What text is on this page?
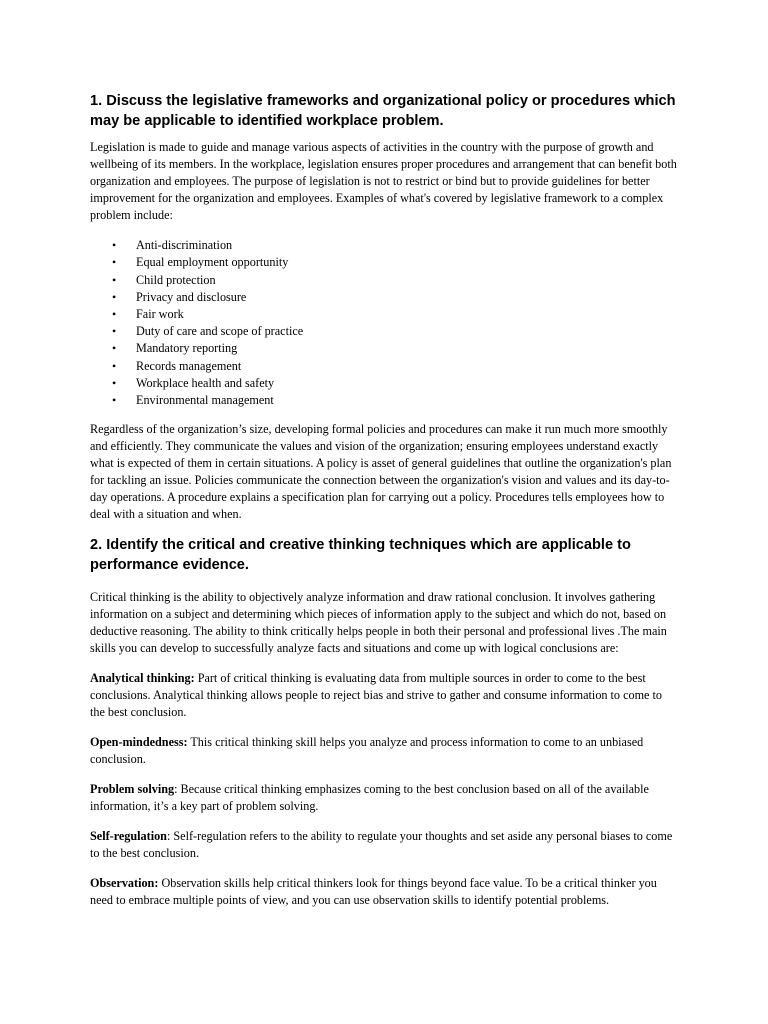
1. Discuss the legislative frameworks and organizational policy or procedures which may be applicable to identified workplace problem.

Legislation is made to guide and manage various aspects of activities in the country with the purpose of growth and wellbeing of its members. In the workplace, legislation ensures proper procedures and arrangement that can benefit both organization and employees. The purpose of legislation is not to restrict or bind but to provide guidelines for better improvement for the organization and employees. Examples of what's covered by legislative framework to a complex problem include:

• Anti-discrimination
• Equal employment opportunity
• Child protection
• Privacy and disclosure
• Fair work
• Duty of care and scope of practice
• Mandatory reporting
• Records management
• Workplace health and safety
• Environmental management

Regardless of the organization’s size, developing formal policies and procedures can make it run much more smoothly and efficiently. They communicate the values and vision of the organization; ensuring employees understand exactly what is expected of them in certain situations. A policy is asset of general guidelines that outline the organization's plan for tackling an issue. Policies communicate the connection between the organization's vision and values and its day-to-day operations. A procedure explains a specification plan for carrying out a policy. Procedures tells employees how to deal with a situation and when.

2. Identify the critical and creative thinking techniques which are applicable to performance evidence.

Critical thinking is the ability to objectively analyze information and draw rational conclusion. It involves gathering information on a subject and determining which pieces of information apply to the subject and which do not, based on deductive reasoning. The ability to think critically helps people in both their personal and professional lives .The main skills you can develop to successfully analyze facts and situations and come up with logical conclusions are:

Analytical thinking: Part of critical thinking is evaluating data from multiple sources in order to come to the best conclusions. Analytical thinking allows people to reject bias and strive to gather and consume information to come to the best conclusion.

Open-mindedness: This critical thinking skill helps you analyze and process information to come to an unbiased conclusion.

Problem solving: Because critical thinking emphasizes coming to the best conclusion based on all of the available information, it’s a key part of problem solving.

Self-regulation: Self-regulation refers to the ability to regulate your thoughts and set aside any personal biases to come to the best conclusion.

Observation: Observation skills help critical thinkers look for things beyond face value. To be a critical thinker you need to embrace multiple points of view, and you can use observation skills to identify potential problems.
